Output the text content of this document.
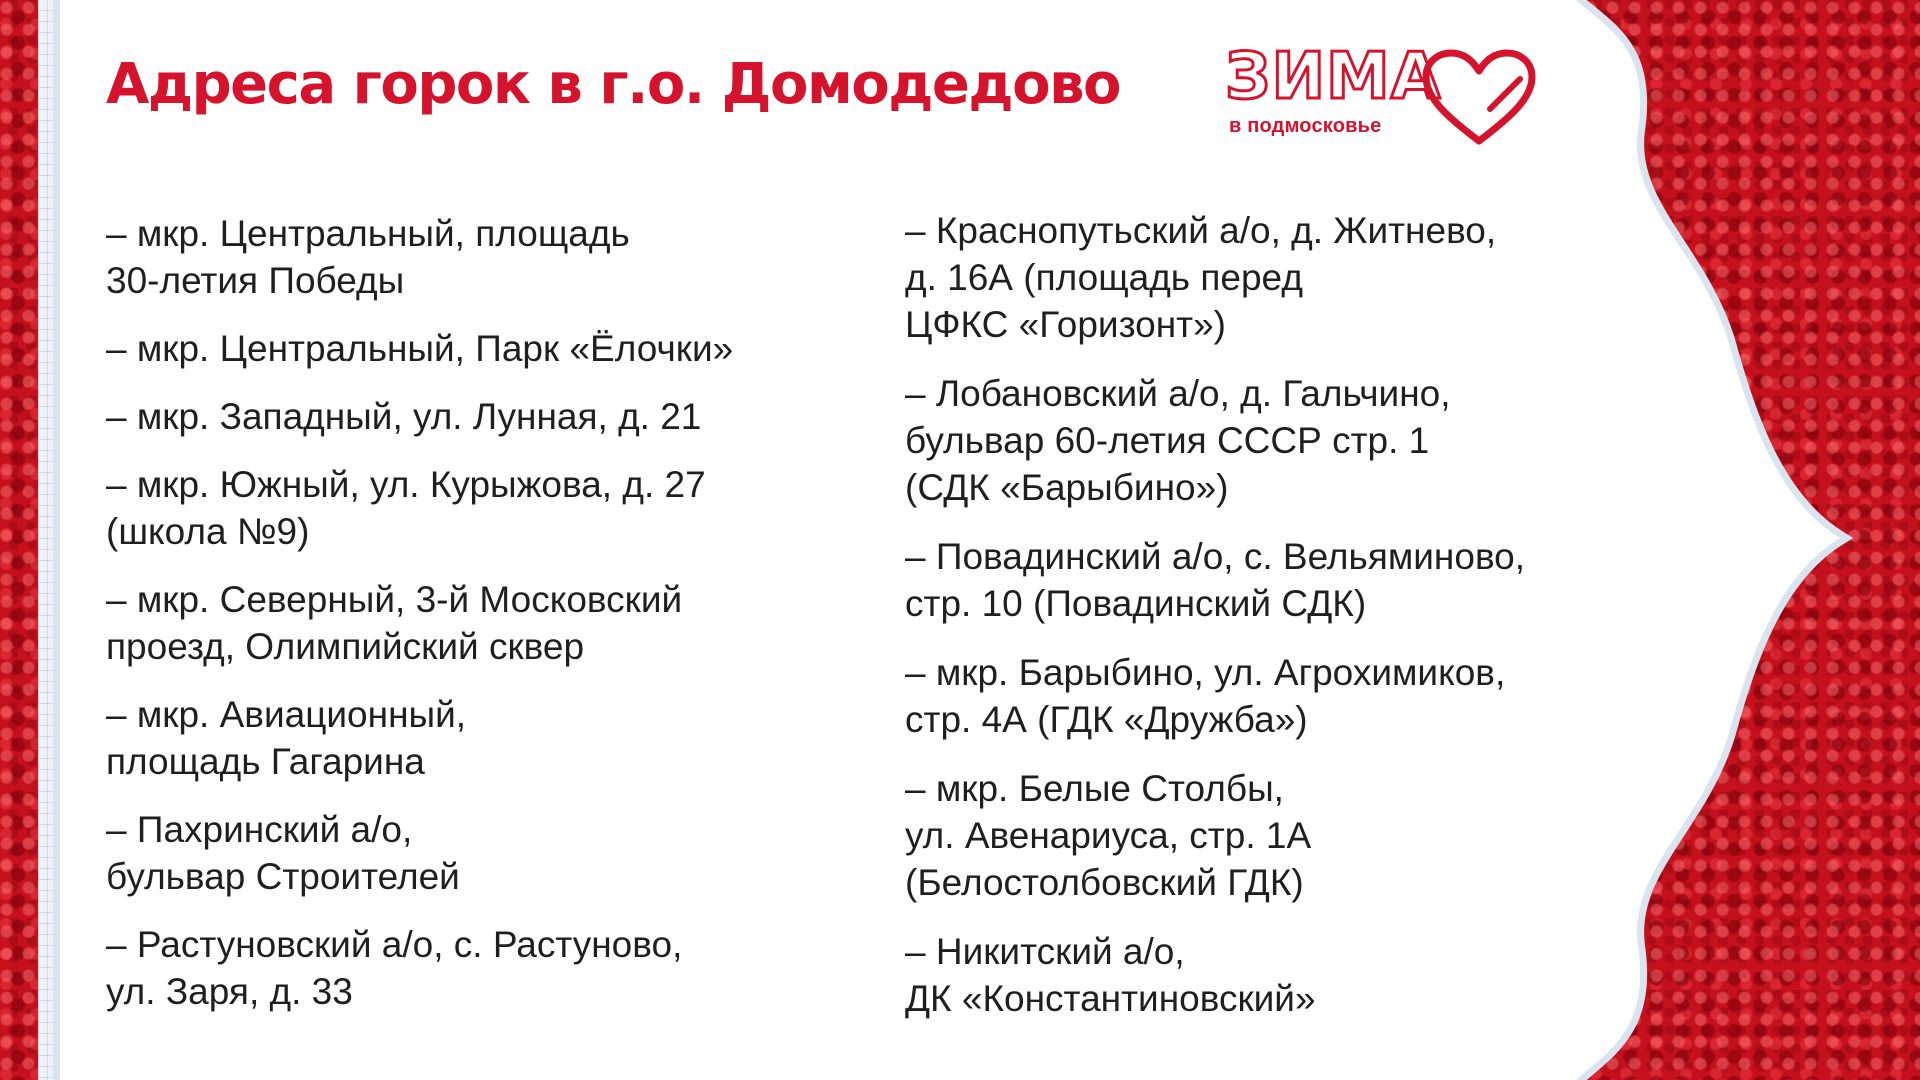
Адреса горок в г.о. Домодедово ЗИМА
в подмосковье
– мкр. Центральный, площадь
30-летия Победы
– мкр. Центральный, Парк «Ёлочки»
– мкр. Западный, ул. Лунная, д. 21
– мкр. Южный, ул. Курыжова, д. 27
(школа №9)
– мкр. Северный, 3-й Московский
проезд, Олимпийский сквер
– мкр. Авиационный,
площадь Гагарина
– Пахринский а/о,
бульвар Строителей
– Растуновский а/о, с. Растуново,
ул. Заря, д. 33
– Краснопутьский а/о, д. Житнево,
д. 16А (площадь перед
ЦФКС «Горизонт»)
– Лобановский а/о, д. Гальчино,
бульвар 60-летия СССР стр. 1
(СДК «Барыбино»)
– Повадинский а/о, с. Вельяминово,
стр. 10 (Повадинский СДК)
– мкр. Барыбино, ул. Агрохимиков,
стр. 4А (ГДК «Дружба»)
– мкр. Белые Столбы,
ул. Авенариуса, стр. 1А
(Белостолбовский ГДК)
– Никитский а/о,
ДК «Константиновский»
